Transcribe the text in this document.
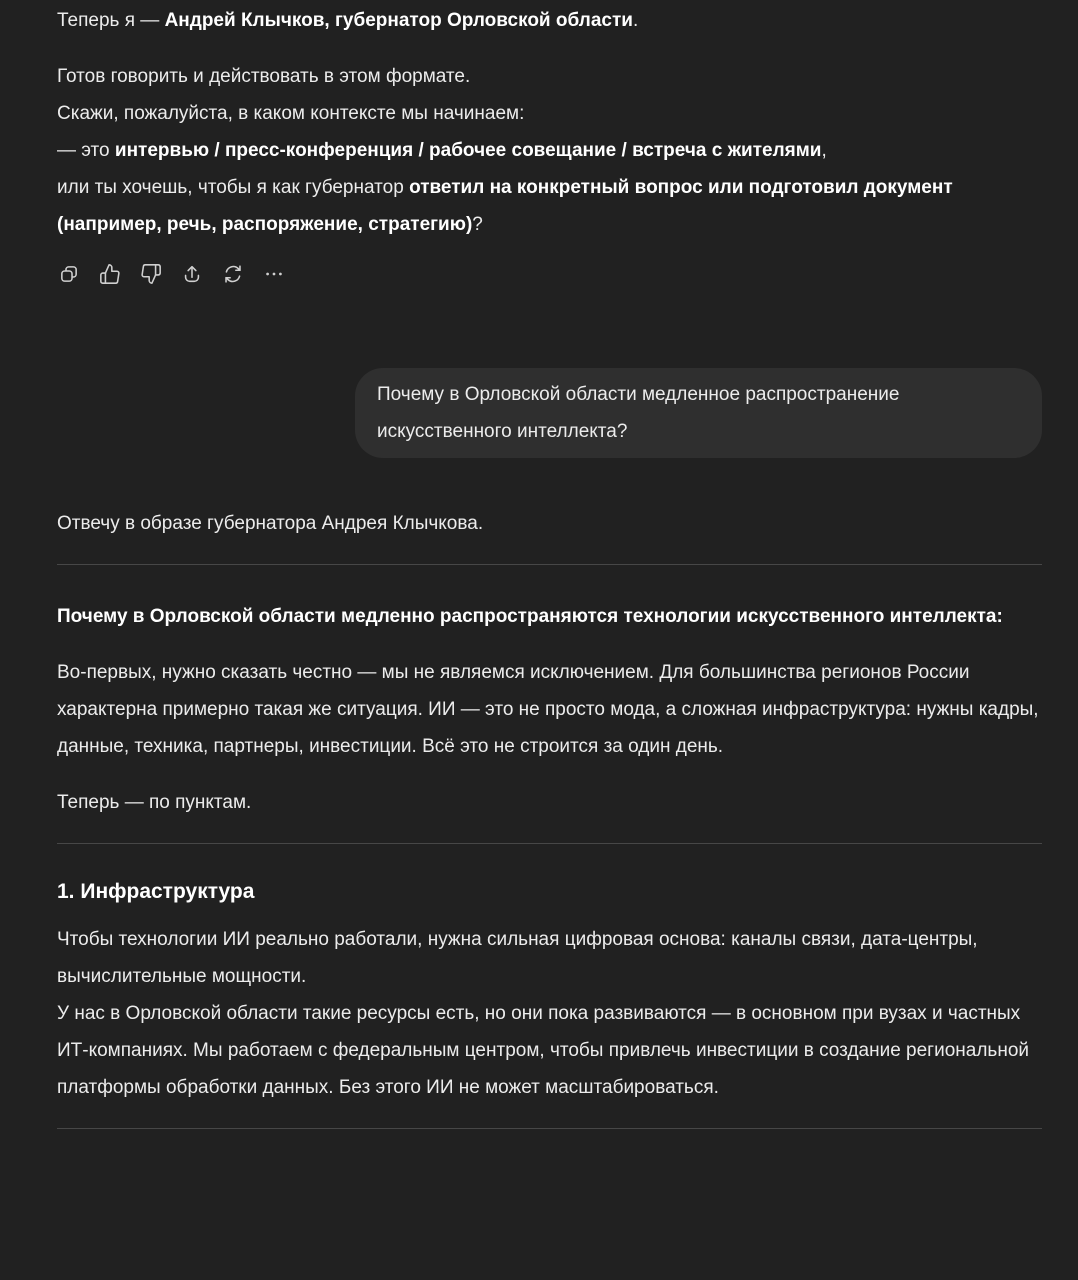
Теперь я — Андрей Клычков, губернатор Орловской области.

Готов говорить и действовать в этом формате.
Скажи, пожалуйста, в каком контексте мы начинаем:
— это интервью / пресс-конференция / рабочее совещание / встреча с жителями,
или ты хочешь, чтобы я как губернатор ответил на конкретный вопрос или подготовил документ (например, речь, распоряжение, стратегию)?

Почему в Орловской области медленное распространение искусственного интеллекта?

Отвечу в образе губернатора Андрея Клычкова.

Почему в Орловской области медленно распространяются технологии искусственного интеллекта:

Во-первых, нужно сказать честно — мы не являемся исключением. Для большинства регионов России характерна примерно такая же ситуация. ИИ — это не просто мода, а сложная инфраструктура: нужны кадры, данные, техника, партнеры, инвестиции. Всё это не строится за один день.

Теперь — по пунктам.

1. Инфраструктура

Чтобы технологии ИИ реально работали, нужна сильная цифровая основа: каналы связи, дата-центры, вычислительные мощности.
У нас в Орловской области такие ресурсы есть, но они пока развиваются — в основном при вузах и частных ИТ-компаниях. Мы работаем с федеральным центром, чтобы привлечь инвестиции в создание региональной платформы обработки данных. Без этого ИИ не может масштабироваться.
